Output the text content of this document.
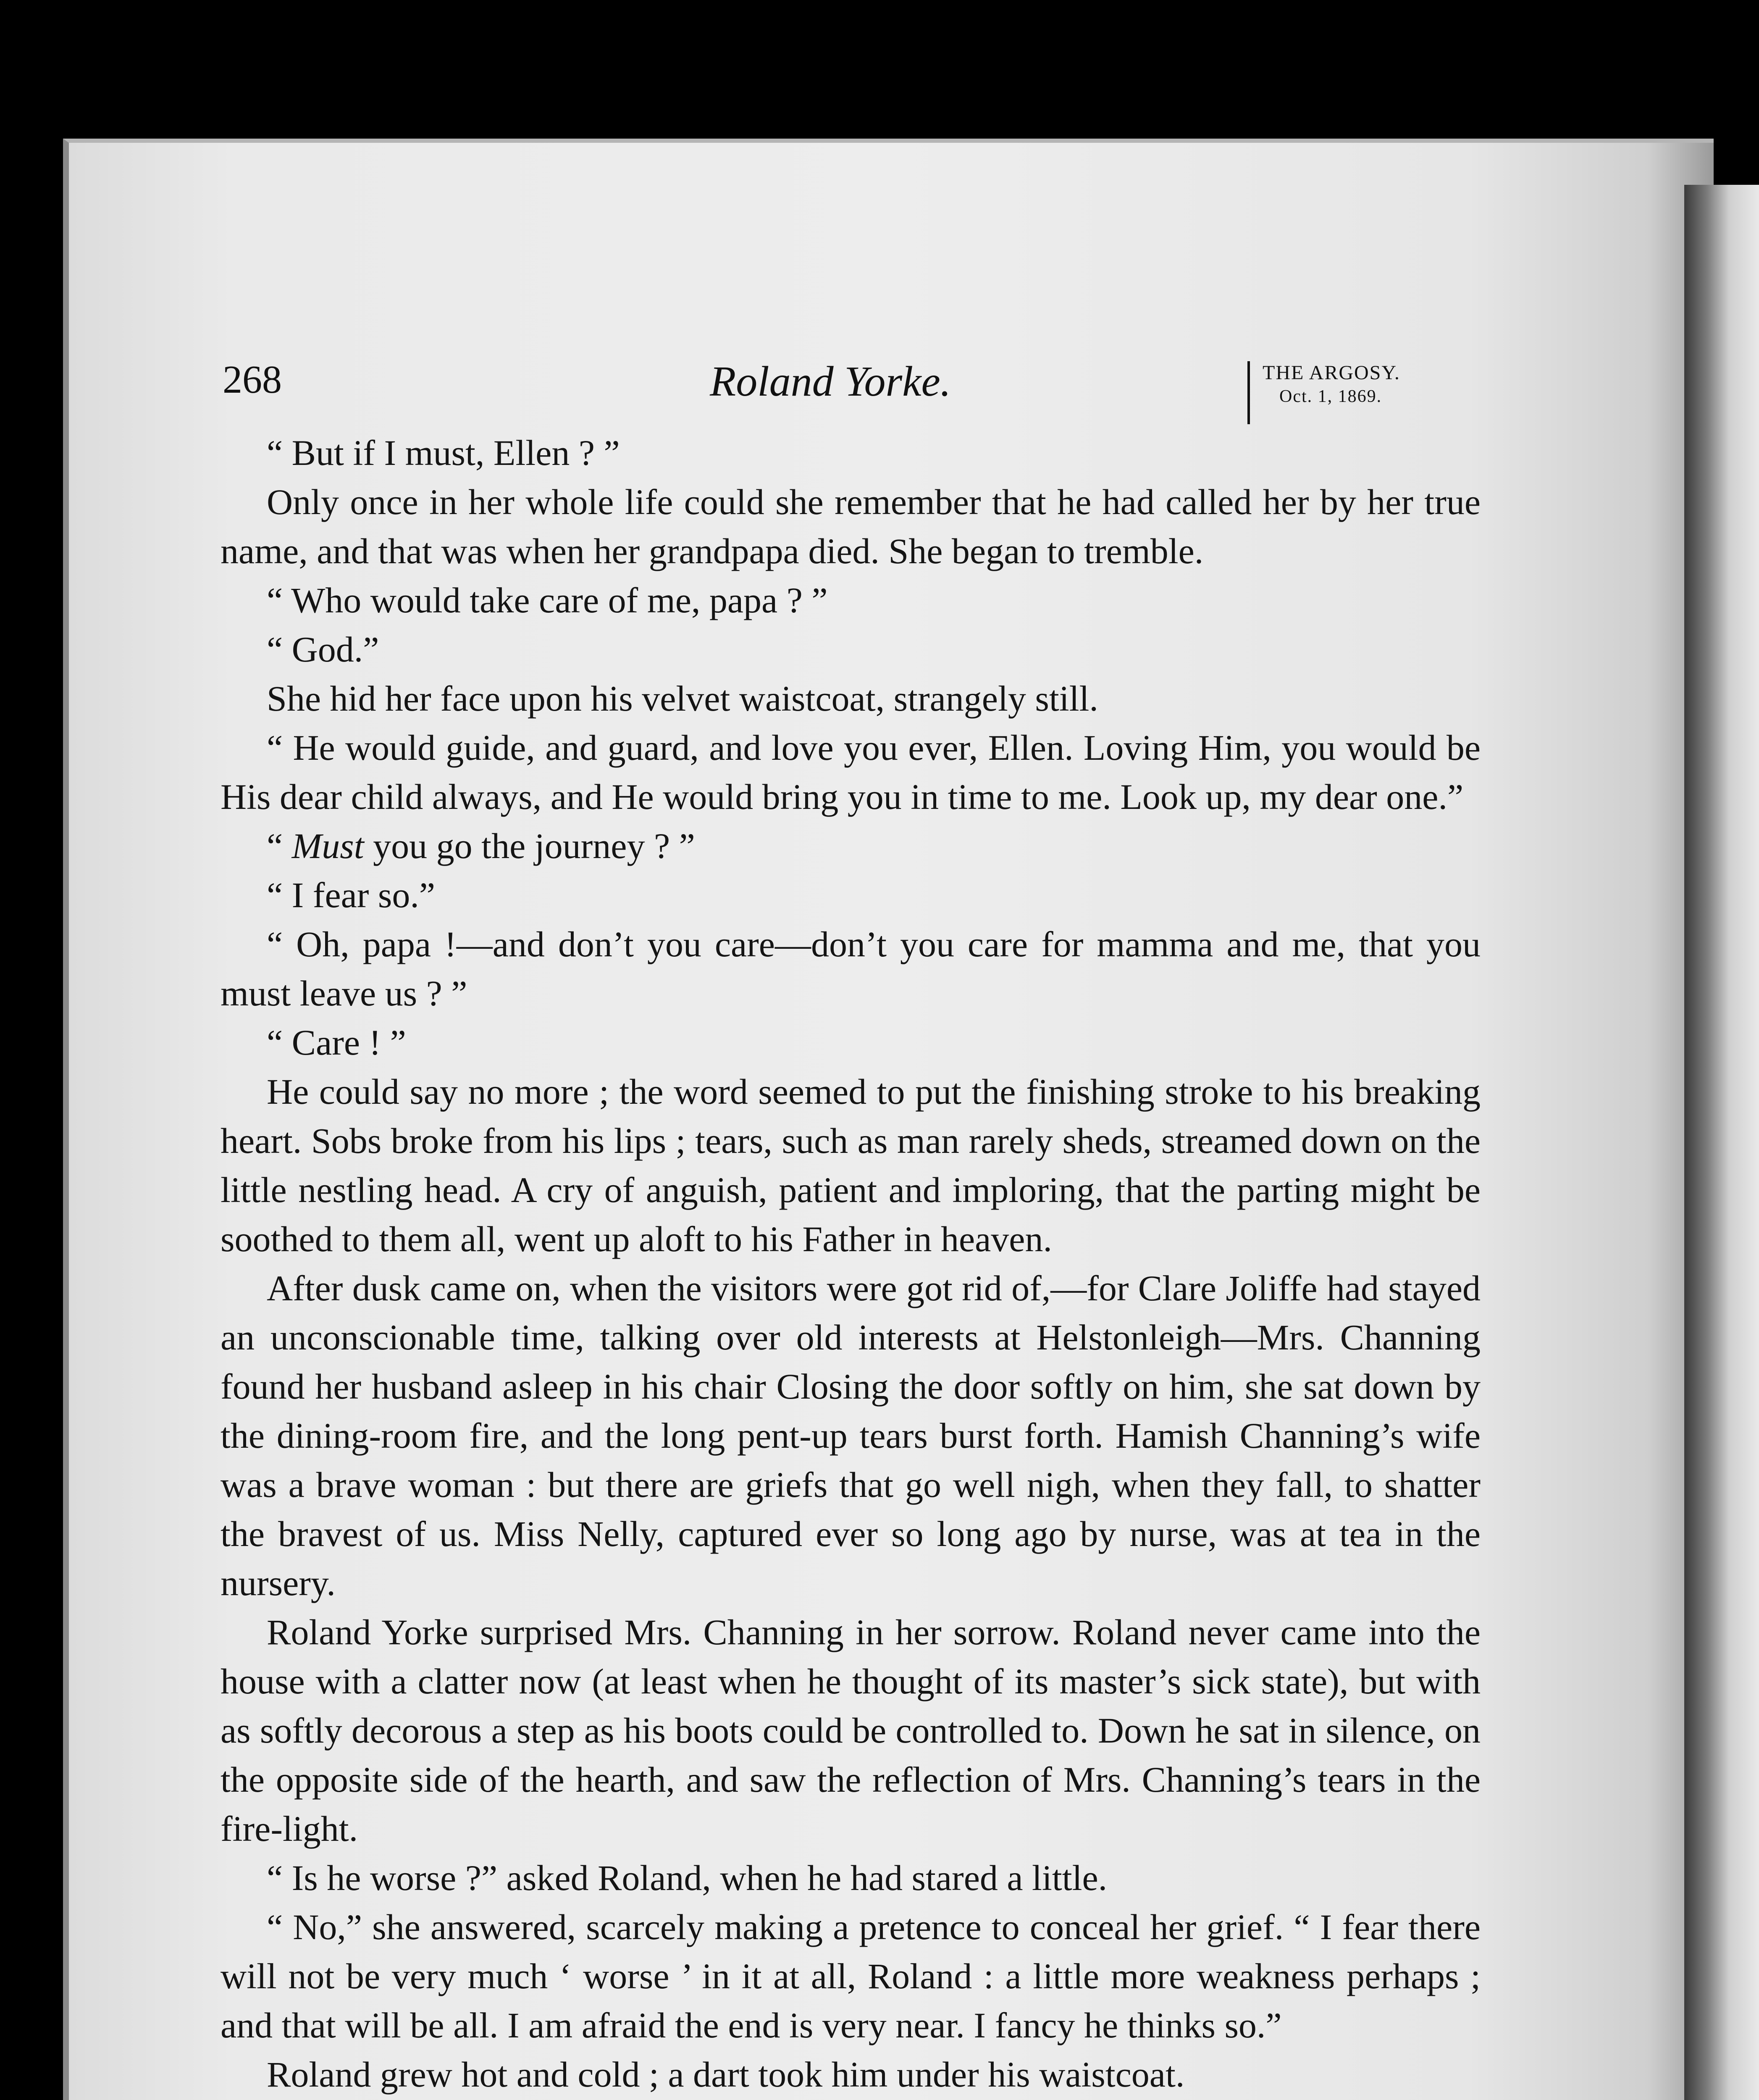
268	Roland Yorke.	THE ARGOSY.
Oct. 1, 1869.

“ But if I must, Ellen ? ”

Only once in her whole life could she remember that he had called her by her true name, and that was when her grandpapa died. She began to tremble.

“ Who would take care of me, papa ? ”

“ God.”

She hid her face upon his velvet waistcoat, strangely still.

“ He would guide, and guard, and love you ever, Ellen. Loving Him, you would be His dear child always, and He would bring you in time to me. Look up, my dear one.”

“ Must you go the journey ? ”

“ I fear so.”

“ Oh, papa !—and don’t you care—don’t you care for mamma and me, that you must leave us ? ”

“ Care ! ”

He could say no more ; the word seemed to put the finishing stroke to his breaking heart. Sobs broke from his lips ; tears, such as man rarely sheds, streamed down on the little nestling head. A cry of anguish, patient and imploring, that the parting might be soothed to them all, went up aloft to his Father in heaven.

After dusk came on, when the visitors were got rid of,—for Clare Joliffe had stayed an unconscionable time, talking over old interests at Helstonleigh—Mrs. Channing found her husband asleep in his chair Closing the door softly on him, she sat down by the dining-room fire, and the long pent-up tears burst forth. Hamish Channing’s wife was a brave woman : but there are griefs that go well nigh, when they fall, to shatter the bravest of us. Miss Nelly, captured ever so long ago by nurse, was at tea in the nursery.

Roland Yorke surprised Mrs. Channing in her sorrow. Roland never came into the house with a clatter now (at least when he thought of its master’s sick state), but with as softly decorous a step as his boots could be controlled to. Down he sat in silence, on the opposite side of the hearth, and saw the reflection of Mrs. Channing’s tears in the fire-light.

“ Is he worse ?” asked Roland, when he had stared a little.

“ No,” she answered, scarcely making a pretence to conceal her grief. “ I fear there will not be very much ‘ worse ’ in it at all, Roland : a little more weakness perhaps ; and that will be all. I am afraid the end is very near. I fancy he thinks so.”

Roland grew hot and cold ; a dart took him under his waistcoat.
